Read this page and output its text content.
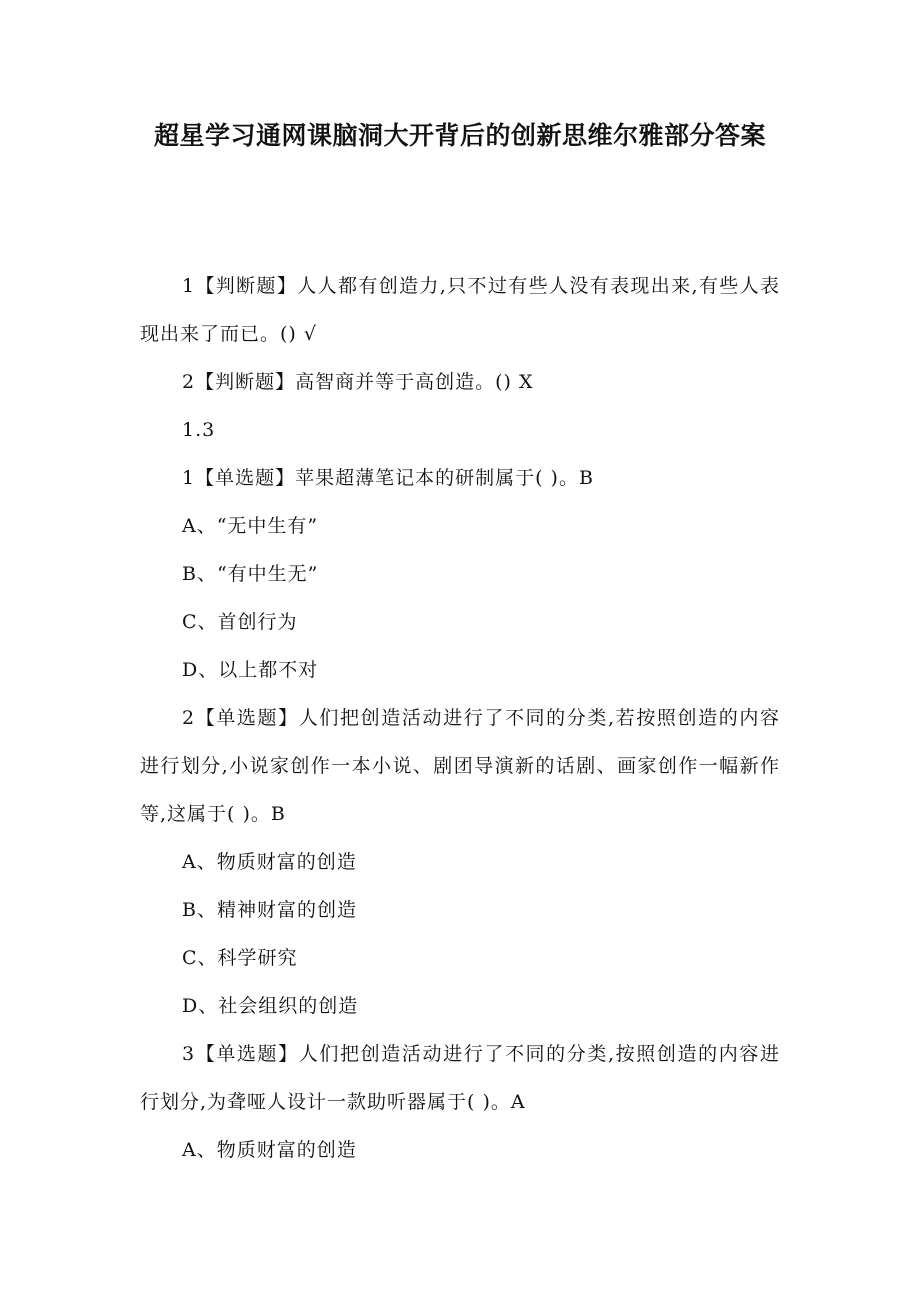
超星学习通网课脑洞大开背后的创新思维尔雅部分答案

1【判断题】人人都有创造力,只不过有些人没有表现出来,有些人表现出来了而已。() √

2【判断题】高智商并等于高创造。() X

1.3

1【单选题】苹果超薄笔记本的研制属于( )。B

A、“无中生有”

B、“有中生无”

C、首创行为

D、以上都不对

2【单选题】人们把创造活动进行了不同的分类,若按照创造的内容进行划分,小说家创作一本小说、剧团导演新的话剧、画家创作一幅新作等,这属于( )。B

A、物质财富的创造

B、精神财富的创造

C、科学研究

D、社会组织的创造

3【单选题】人们把创造活动进行了不同的分类,按照创造的内容进行划分,为聋哑人设计一款助听器属于( )。A

A、物质财富的创造
